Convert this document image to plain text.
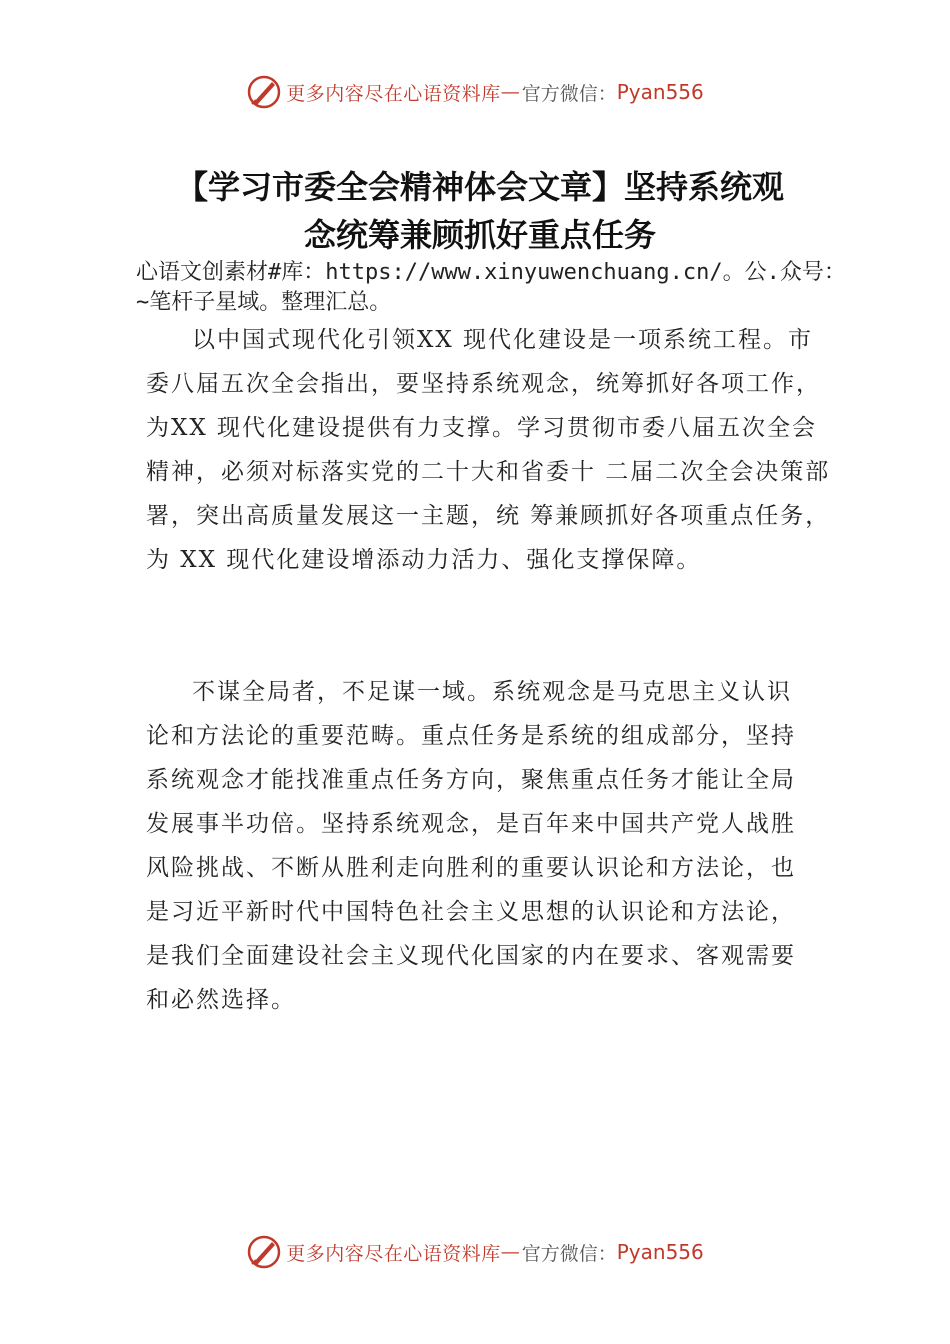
更多内容尽在心语资料库 — 官方微信： Pyan556
【学习市委全会精神体会文章】坚持系统观
念统筹兼顾抓好重点任务

心语文创素材#库：https://www.xinyuwenchuang.cn/。公.众号：~笔杆子星域。整理汇总。

以中国式现代化引领XX 现代化建设是一项系统工程。市委八届五次全会指出，要坚持系统观念，统筹抓好各项工作，为XX 现代化建设提供有力支撑。学习贯彻市委八届五次全会精神，必须对标落实党的二十大和省委十 二届二次全会决策部署，突出高质量发展这一主题，统 筹兼顾抓好各项重点任务，为 XX 现代化建设增添动力活力、强化支撑保障。

不谋全局者，不足谋一域。系统观念是马克思主义认识论和方法论的重要范畴。重点任务是系统的组成部分，坚持系统观念才能找准重点任务方向，聚焦重点任务才能让全局发展事半功倍。坚持系统观念，是百年来中国共产党人战胜风险挑战、不断从胜利走向胜利的重要认识论和方法论，也是习近平新时代中国特色社会主义思想的认识论和方法论，是我们全面建设社会主义现代化国家的内在要求、客观需要和必然选择。

更多内容尽在心语资料库 — 官方微信： Pyan556
